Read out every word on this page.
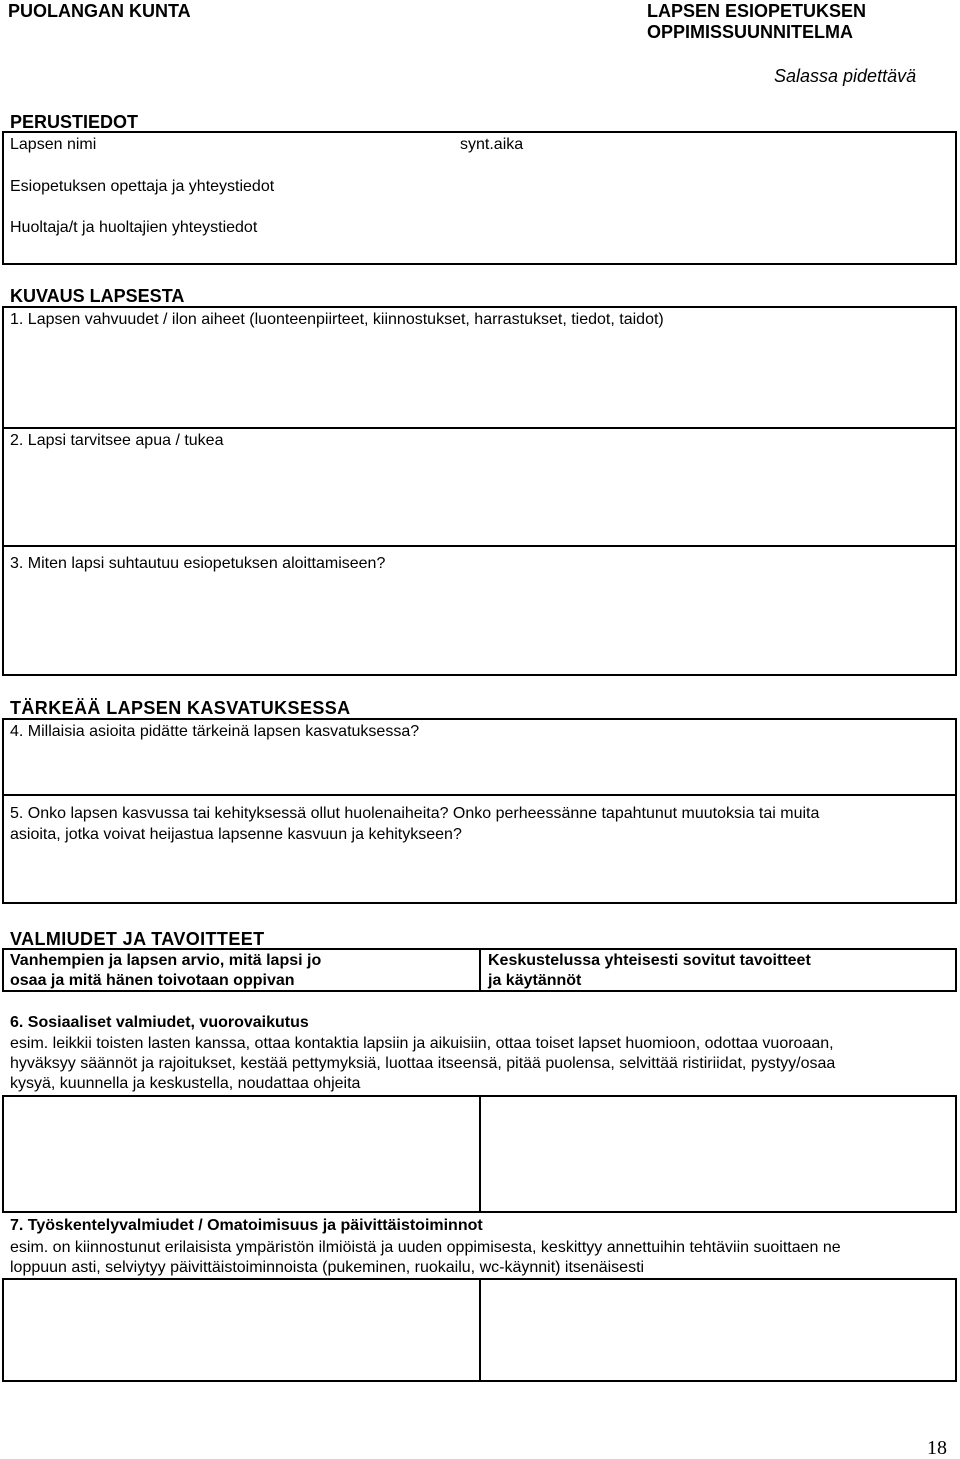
PUOLANGAN KUNTA	LAPSEN ESIOPETUKSEN
OPPIMISSUUNNITELMA
Salassa pidettävä
PERUSTIEDOT
Lapsen nimi	synt.aika
Esiopetuksen opettaja ja yhteystiedot
Huoltaja/t ja huoltajien yhteystiedot
KUVAUS LAPSESTA
1. Lapsen vahvuudet / ilon aiheet (luonteenpiirteet, kiinnostukset, harrastukset, tiedot, taidot)
2. Lapsi tarvitsee apua / tukea
3. Miten lapsi suhtautuu esiopetuksen aloittamiseen?
TÄRKEÄÄ LAPSEN KASVATUKSESSA
4. Millaisia asioita pidätte tärkeinä lapsen kasvatuksessa?
5. Onko lapsen kasvussa tai kehityksessä ollut huolenaiheita? Onko perheessänne tapahtunut muutoksia tai muita
asioita, jotka voivat heijastua lapsenne kasvuun ja kehitykseen?
VALMIUDET JA TAVOITTEET
Vanhempien ja lapsen arvio, mitä lapsi jo
osaa ja mitä hänen toivotaan oppivan
Keskustelussa yhteisesti sovitut tavoitteet
ja käytännöt
6. Sosiaaliset valmiudet, vuorovaikutus
esim. leikkii toisten lasten kanssa, ottaa kontaktia lapsiin ja aikuisiin, ottaa toiset lapset huomioon, odottaa vuoroaan,
hyväksyy säännöt ja rajoitukset, kestää pettymyksiä, luottaa itseensä, pitää puolensa, selvittää ristiriidat, pystyy/osaa
kysyä, kuunnella ja keskustella, noudattaa ohjeita
7. Työskentelyvalmiudet / Omatoimisuus ja päivittäistoiminnot
esim. on kiinnostunut erilaisista ympäristön ilmiöistä ja uuden oppimisesta, keskittyy annettuihin tehtäviin suoittaen ne
loppuun asti, selviytyy päivittäistoiminnoista (pukeminen, ruokailu, wc-käynnit) itsenäisesti
18
